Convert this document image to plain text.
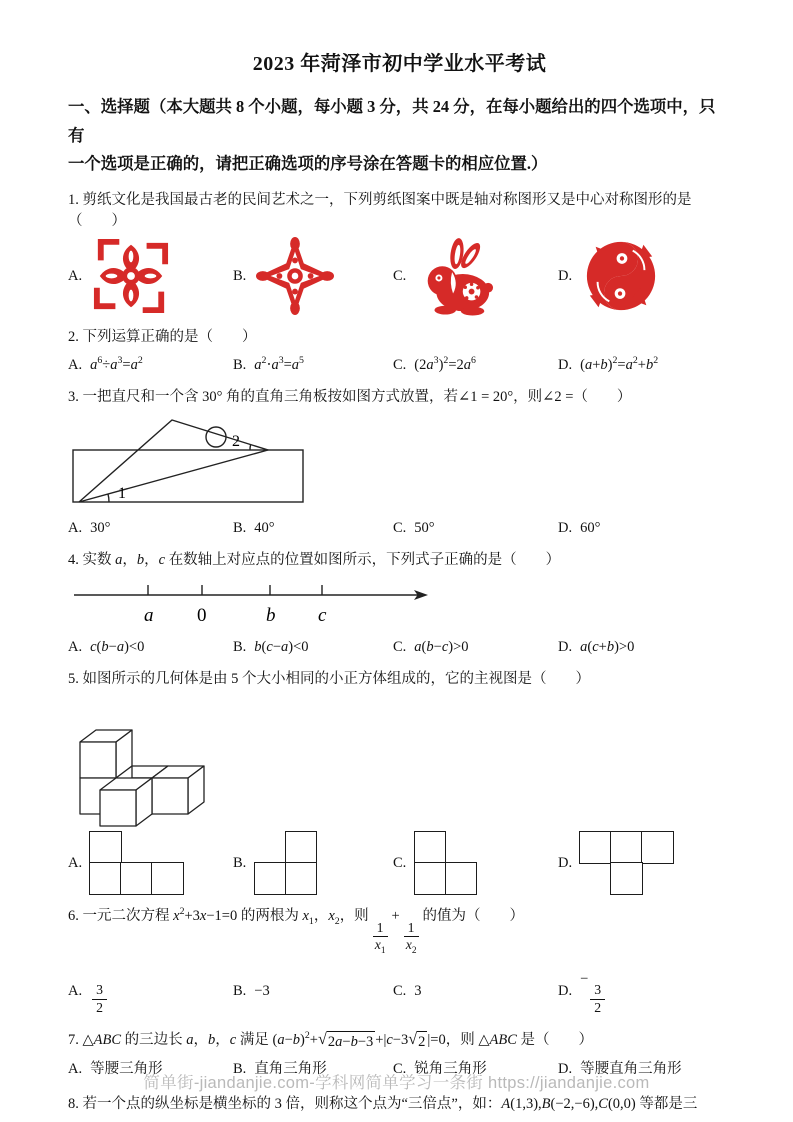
2023 年菏泽市初中学业水平考试
一、选择题（本大题共 8 个小题，每小题 3 分，共 24 分，在每小题给出的四个选项中，只有
一个选项是正确的，请把正确选项的序号涂在答题卡的相应位置.）
1. 剪纸文化是我国最古老的民间艺术之一，下列剪纸图案中既是轴对称图形又是中心对称图形的是（　　）
A.	B.	C.	D.
2. 下列运算正确的是（　　）
A. $a^6\div a^3=a^2$	B. $a^2\cdot a^3=a^5$	C. $(2a^3)^2=2a^6$	D. $(a+b)^2=a^2+b^2$
3. 一把直尺和一个含 30° 角的直角三角板按如图方式放置，若∠1 = 20°，则∠2 =（　　）
2
1
A. 30°	B. 40°	C. 50°	D. 60°
4. 实数 a，b，c 在数轴上对应点的位置如图所示，下列式子正确的是（　　）
a 0	b c
A. c(b−a)<0	B. b(c−a)<0	C. a(b−c)>0	D. a(c+b)>0
5. 如图所示的几何体是由 5 个大小相同的小正方体组成的，它的主视图是（　　）
A.	B.	C.	D.
6. 一元二次方程 $x^2+3x-1=0$ 的两根为 $x_1$，$x_2$，则
$\frac{1}{x_1}$
+
$\frac{1}{x_2}$
的值为（　　）
A. $\frac{3}{2}$	B. −3	C. 3	D.
−
$\frac{3}{2}$
7. △ABC 的三边长 a，b，c 满足 $(a-b)^2+$ √ 2a−b−3 +|c−3 √ 2 |=0，则 △ABC 是（　　）
A. 等腰三角形	B. 直角三角形	C. 锐角三角形	D. 等腰直角三角形
8. 若一个点的纵坐标是横坐标的 3 倍，则称这个点为“三倍点”，如：A(1,3),B(−2,−6),C(0,0) 等都是三
简单街-jiandanjie.com-学科网简单学习一条街 https://jiandanjie.com
